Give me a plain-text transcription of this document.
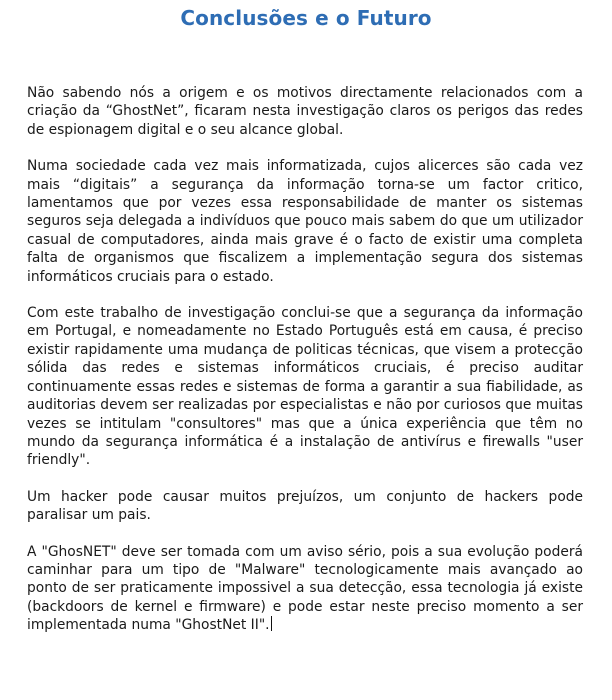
Conclusões e o Futuro

Não sabendo nós a origem e os motivos directamente relacionados com a criação da “GhostNet”, ficaram nesta investigação claros os perigos das redes de espionagem digital e o seu alcance global.

Numa sociedade cada vez mais informatizada, cujos alicerces são cada vez mais “digitais” a segurança da informação torna-se um factor critico, lamentamos que por vezes essa responsabilidade de manter os sistemas seguros seja delegada a indivíduos que pouco mais sabem do que um utilizador casual de computadores, ainda mais grave é o facto de existir uma completa falta de organismos que fiscalizem a implementação segura dos sistemas informáticos cruciais para o estado.

Com este trabalho de investigação conclui-se que a segurança da informação em Portugal, e nomeadamente no Estado Português está em causa, é preciso existir rapidamente uma mudança de politicas técnicas, que visem a protecção sólida das redes e sistemas informáticos cruciais, é preciso auditar continuamente essas redes e sistemas de forma a garantir a sua fiabilidade, as auditorias devem ser realizadas por especialistas e não por curiosos que muitas vezes se intitulam "consultores" mas que a única experiência que têm no mundo da segurança informática é a instalação de antivírus e firewalls "user friendly".

Um hacker pode causar muitos prejuízos, um conjunto de hackers pode paralisar um pais.

A "GhosNET" deve ser tomada com um aviso sério, pois a sua evolução poderá caminhar para um tipo de "Malware" tecnologicamente mais avançado ao ponto de ser praticamente impossivel a sua detecção, essa tecnologia já existe (backdoors de kernel e firmware) e pode estar neste preciso momento a ser implementada numa "GhostNet II".
